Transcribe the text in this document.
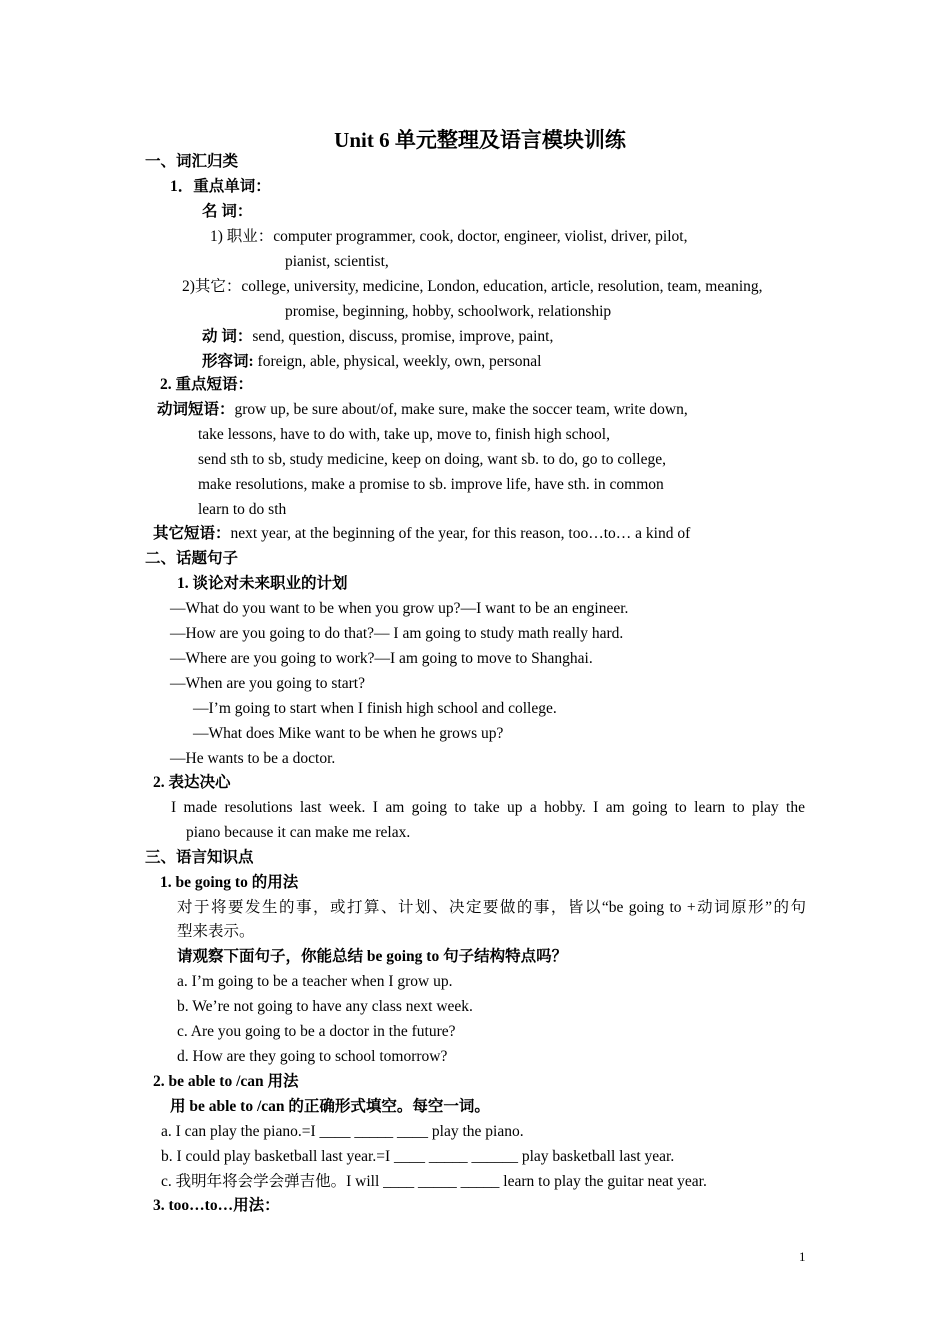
Unit 6 单元整理及语言模块训练
一、词汇归类
1．重点单词：
名 词：
1) 职业：computer programmer, cook, doctor, engineer, violist, driver, pilot,
pianist, scientist,
2)其它：college, university, medicine, London, education, article, resolution, team, meaning,
promise, beginning, hobby, schoolwork, relationship
动 词：send, question, discuss, promise, improve, paint,
形容词: foreign, able, physical, weekly, own, personal
2. 重点短语：
动词短语：grow up, be sure about/of, make sure, make the soccer team, write down,
take lessons, have to do with, take up, move to, finish high school,
send sth to sb, study medicine, keep on doing, want sb. to do, go to college,
make resolutions, make a promise to sb. improve life, have sth. in common
learn to do sth
其它短语：next year, at the beginning of the year, for this reason, too…to… a kind of
二、话题句子
1. 谈论对未来职业的计划
—What do you want to be when you grow up?—I want to be an engineer.
—How are you going to do that?— I am going to study math really hard.
—Where are you going to work?—I am going to move to Shanghai.
—When are you going to start?
—I’m going to start when I finish high school and college.
—What does Mike want to be when he grows up?
—He wants to be a doctor.
2. 表达决心
I made resolutions last week. I am going to take up a hobby. I am going to learn to play the
piano because it can make me relax.
三、语言知识点
1. be going to 的用法
对于将要发生的事，或打算、计划、决定要做的事，皆以“be going to +动词原形”的句
型来表示。
请观察下面句子，你能总结 be going to 句子结构特点吗？
a. I’m going to be a teacher when I grow up.
b. We’re not going to have any class next week.
c. Are you going to be a doctor in the future?
d. How are they going to school tomorrow?
2. be able to /can 用法
用 be able to /can 的正确形式填空。每空一词。
a. I can play the piano.=I ____ _____ ____ play the piano.
b. I could play basketball last year.=I ____ _____ ______ play basketball last year.
c. 我明年将会学会弹吉他。I will ____ _____ _____ learn to play the guitar neat year.
3. too…to…用法：
1
